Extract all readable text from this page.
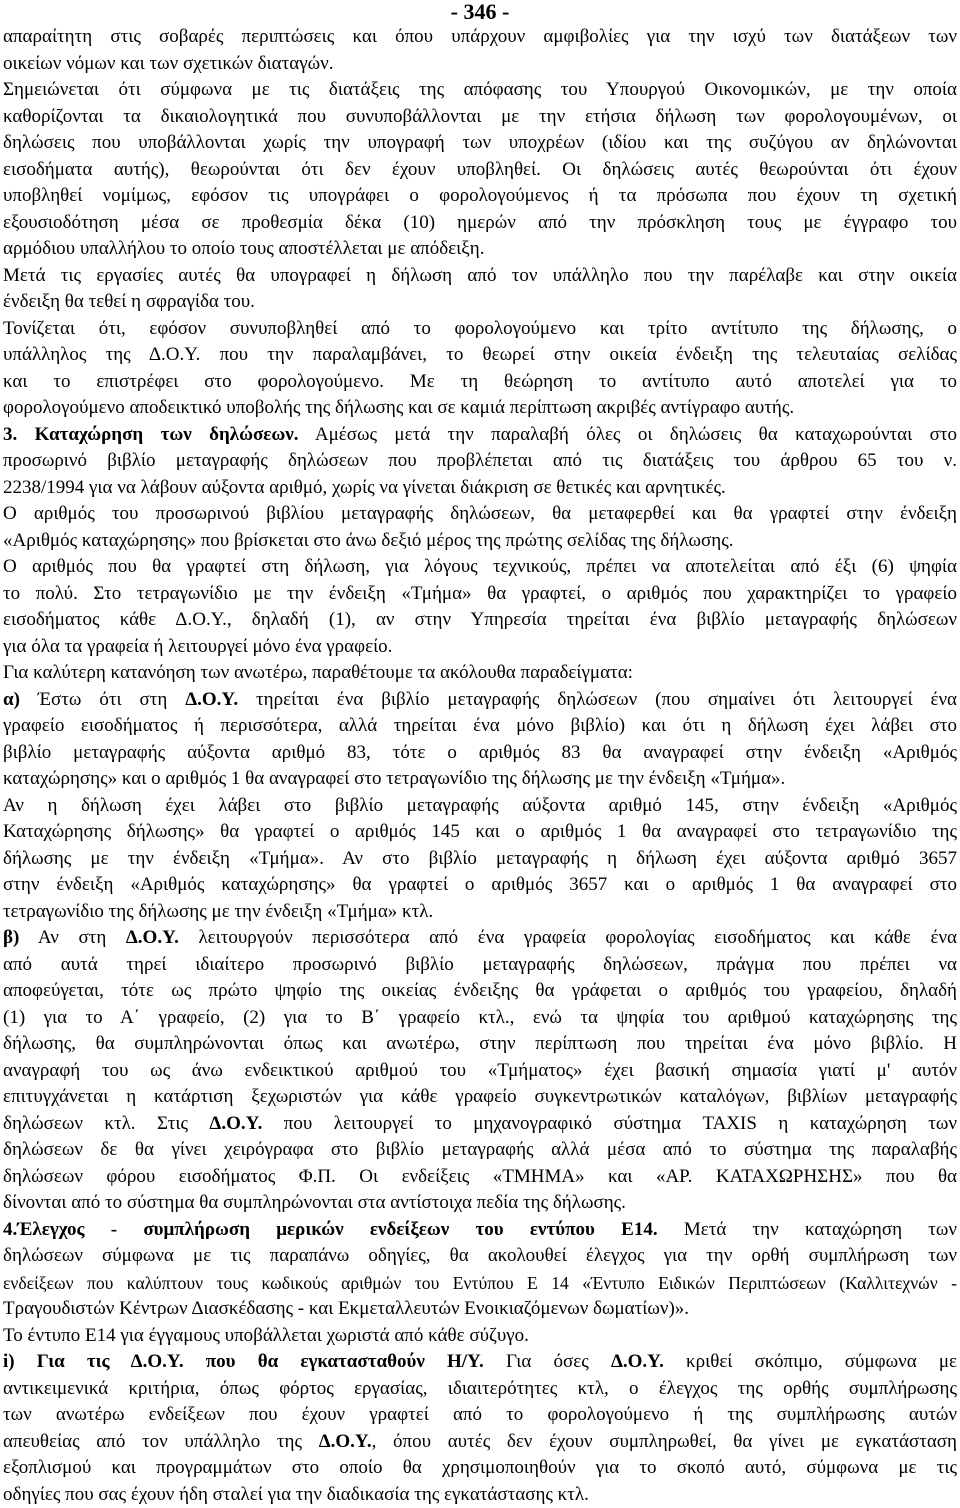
- 346 -
απαραίτητη στις σοβαρές περιπτώσεις και όπου υπάρχουν αμφιβολίες για την ισχύ των διατάξεων των
οικείων νόμων και των σχετικών διαταγών.
Σημειώνεται ότι σύμφωνα με τις διατάξεις της απόφασης του Υπουργού Οικονομικών, με την οποία
καθορίζονται τα δικαιολογητικά που συνυποβάλλονται με την ετήσια δήλωση των φορολογουμένων, οι
δηλώσεις που υποβάλλονται χωρίς την υπογραφή των υποχρέων (ιδίου και της συζύγου αν δηλώνονται
εισοδήματα αυτής), θεωρούνται ότι δεν έχουν υποβληθεί. Οι δηλώσεις αυτές θεωρούνται ότι έχουν
υποβληθεί νομίμως, εφόσον τις υπογράφει ο φορολογούμενος ή τα πρόσωπα που έχουν τη σχετική
εξουσιοδότηση μέσα σε προθεσμία δέκα (10) ημερών από την πρόσκληση τους με έγγραφο του
αρμόδιου υπαλλήλου το οποίο τους αποστέλλεται με απόδειξη.
Μετά τις εργασίες αυτές θα υπογραφεί η δήλωση από τον υπάλληλο που την παρέλαβε και στην οικεία
ένδειξη θα τεθεί η σφραγίδα του.
Τονίζεται ότι, εφόσον συνυποβληθεί από το φορολογούμενο και τρίτο αντίτυπο της δήλωσης, ο
υπάλληλος της Δ.Ο.Υ. που την παραλαμβάνει, το θεωρεί στην οικεία ένδειξη της τελευταίας σελίδας
και το επιστρέφει στο φορολογούμενο. Με τη θεώρηση το αντίτυπο αυτό αποτελεί για το
φορολογούμενο αποδεικτικό υποβολής της δήλωσης και σε καμιά περίπτωση ακριβές αντίγραφο αυτής.
3. Καταχώρηση των δηλώσεων. Αμέσως μετά την παραλαβή όλες οι δηλώσεις θα καταχωρούνται στο
προσωρινό βιβλίο μεταγραφής δηλώσεων που προβλέπεται από τις διατάξεις του άρθρου 65 του ν.
2238/1994 για να λάβουν αύξοντα αριθμό, χωρίς να γίνεται διάκριση σε θετικές και αρνητικές.
Ο αριθμός του προσωρινού βιβλίου μεταγραφής δηλώσεων, θα μεταφερθεί και θα γραφτεί στην ένδειξη
«Αριθμός καταχώρησης» που βρίσκεται στο άνω δεξιό μέρος της πρώτης σελίδας της δήλωσης.
Ο αριθμός που θα γραφτεί στη δήλωση, για λόγους τεχνικούς, πρέπει να αποτελείται από έξι (6) ψηφία
το πολύ. Στο τετραγωνίδιο με την ένδειξη «Τμήμα» θα γραφτεί, ο αριθμός που χαρακτηρίζει το γραφείο
εισοδήματος κάθε Δ.Ο.Υ., δηλαδή (1), αν στην Υπηρεσία τηρείται ένα βιβλίο μεταγραφής δηλώσεων
για όλα τα γραφεία ή λειτουργεί μόνο ένα γραφείο.
Για καλύτερη κατανόηση των ανωτέρω, παραθέτουμε τα ακόλουθα παραδείγματα:
α) Έστω ότι στη Δ.Ο.Υ. τηρείται ένα βιβλίο μεταγραφής δηλώσεων (που σημαίνει ότι λειτουργεί ένα
γραφείο εισοδήματος ή περισσότερα, αλλά τηρείται ένα μόνο βιβλίο) και ότι η δήλωση έχει λάβει στο
βιβλίο μεταγραφής αύξοντα αριθμό 83, τότε ο αριθμός 83 θα αναγραφεί στην ένδειξη «Αριθμός
καταχώρησης» και ο αριθμός 1 θα αναγραφεί στο τετραγωνίδιο της δήλωσης με την ένδειξη «Τμήμα».
Αν η δήλωση έχει λάβει στο βιβλίο μεταγραφής αύξοντα αριθμό 145, στην ένδειξη «Αριθμός
Καταχώρησης δήλωσης» θα γραφτεί ο αριθμός 145 και ο αριθμός 1 θα αναγραφεί στο τετραγωνίδιο της
δήλωσης με την ένδειξη «Τμήμα». Αν στο βιβλίο μεταγραφής η δήλωση έχει αύξοντα αριθμό 3657
στην ένδειξη «Αριθμός καταχώρησης» θα γραφτεί ο αριθμός 3657 και ο αριθμός 1 θα αναγραφεί στο
τετραγωνίδιο της δήλωσης με την ένδειξη «Τμήμα» κτλ.
β) Αν στη Δ.Ο.Υ. λειτουργούν περισσότερα από ένα γραφεία φορολογίας εισοδήματος και κάθε ένα
από αυτά τηρεί ιδιαίτερο προσωρινό βιβλίο μεταγραφής δηλώσεων, πράγμα που πρέπει να
αποφεύγεται, τότε ως πρώτο ψηφίο της οικείας ένδειξης θα γράφεται ο αριθμός του γραφείου, δηλαδή
(1) για το Α΄ γραφείο, (2) για το Β΄ γραφείο κτλ., ενώ τα ψηφία του αριθμού καταχώρησης της
δήλωσης, θα συμπληρώνονται όπως και ανωτέρω, στην περίπτωση που τηρείται ένα μόνο βιβλίο. Η
αναγραφή του ως άνω ενδεικτικού αριθμού του «Τμήματος» έχει βασική σημασία γιατί μ' αυτόν
επιτυγχάνεται η κατάρτιση ξεχωριστών για κάθε γραφείο συγκεντρωτικών καταλόγων, βιβλίων μεταγραφής
δηλώσεων κτλ. Στις Δ.Ο.Υ. που λειτουργεί το μηχανογραφικό σύστημα TAXIS η καταχώρηση των
δηλώσεων δε θα γίνει χειρόγραφα στο βιβλίο μεταγραφής αλλά μέσα από το σύστημα της παραλαβής
δηλώσεων φόρου εισοδήματος Φ.Π. Οι ενδείξεις «ΤΜΗΜΑ» και «ΑΡ. ΚΑΤΑΧΩΡΗΣΗΣ» που θα
δίνονται από το σύστημα θα συμπληρώνονται στα αντίστοιχα πεδία της δήλωσης.
4.Έλεγχος - συμπλήρωση μερικών ενδείξεων του εντύπου Ε14. Μετά την καταχώρηση των
δηλώσεων σύμφωνα με τις παραπάνω οδηγίες, θα ακολουθεί έλεγχος για την ορθή συμπλήρωση των
ενδείξεων που καλύπτουν τους κωδικούς αριθμών του Εντύπου Ε 14 «Έντυπο Ειδικών Περιπτώσεων (Καλλιτεχνών -
Τραγουδιστών Κέντρων Διασκέδασης - και Εκμεταλλευτών Ενοικιαζόμενων δωματίων)».
Το έντυπο Ε14 για έγγαμους υποβάλλεται χωριστά από κάθε σύζυγο.
i) Για τις Δ.Ο.Υ. που θα εγκατασταθούν Η/Υ. Για όσες Δ.Ο.Υ. κριθεί σκόπιμο, σύμφωνα με
αντικειμενικά κριτήρια, όπως φόρτος εργασίας, ιδιαιτερότητες κτλ, ο έλεγχος της ορθής συμπλήρωσης
των ανωτέρω ενδείξεων που έχουν γραφτεί από το φορολογούμενο ή της συμπλήρωσης αυτών
απευθείας από τον υπάλληλο της Δ.Ο.Υ., όπου αυτές δεν έχουν συμπληρωθεί, θα γίνει με εγκατάσταση
εξοπλισμού και προγραμμάτων στο οποίο θα χρησιμοποιηθούν για το σκοπό αυτό, σύμφωνα με τις
οδηγίες που σας έχουν ήδη σταλεί για την διαδικασία της εγκατάστασης κτλ.
